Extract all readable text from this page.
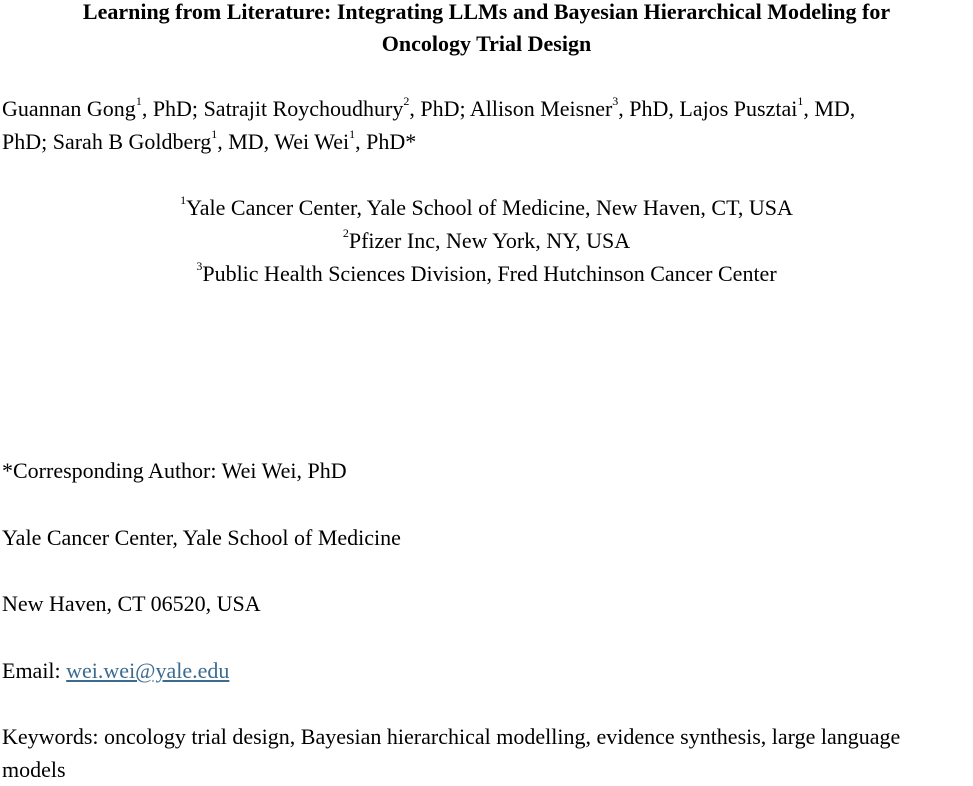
Learning from Literature: Integrating LLMs and Bayesian Hierarchical Modeling for
Oncology Trial Design
Guannan Gong$^1$, PhD; Satrajit Roychoudhury$^2$, PhD; Allison Meisner$^3$, PhD, Lajos Pusztai$^1$, MD,
PhD; Sarah B Goldberg$^1$, MD, Wei Wei$^1$, PhD*
$^1$Yale Cancer Center, Yale School of Medicine, New Haven, CT, USA
$^2$Pfizer Inc, New York, NY, USA
$^3$Public Health Sciences Division, Fred Hutchinson Cancer Center
*Corresponding Author: Wei Wei, PhD
Yale Cancer Center, Yale School of Medicine
New Haven, CT 06520, USA
Email: wei.wei@yale.edu
Keywords: oncology trial design, Bayesian hierarchical modelling, evidence synthesis, large language models
